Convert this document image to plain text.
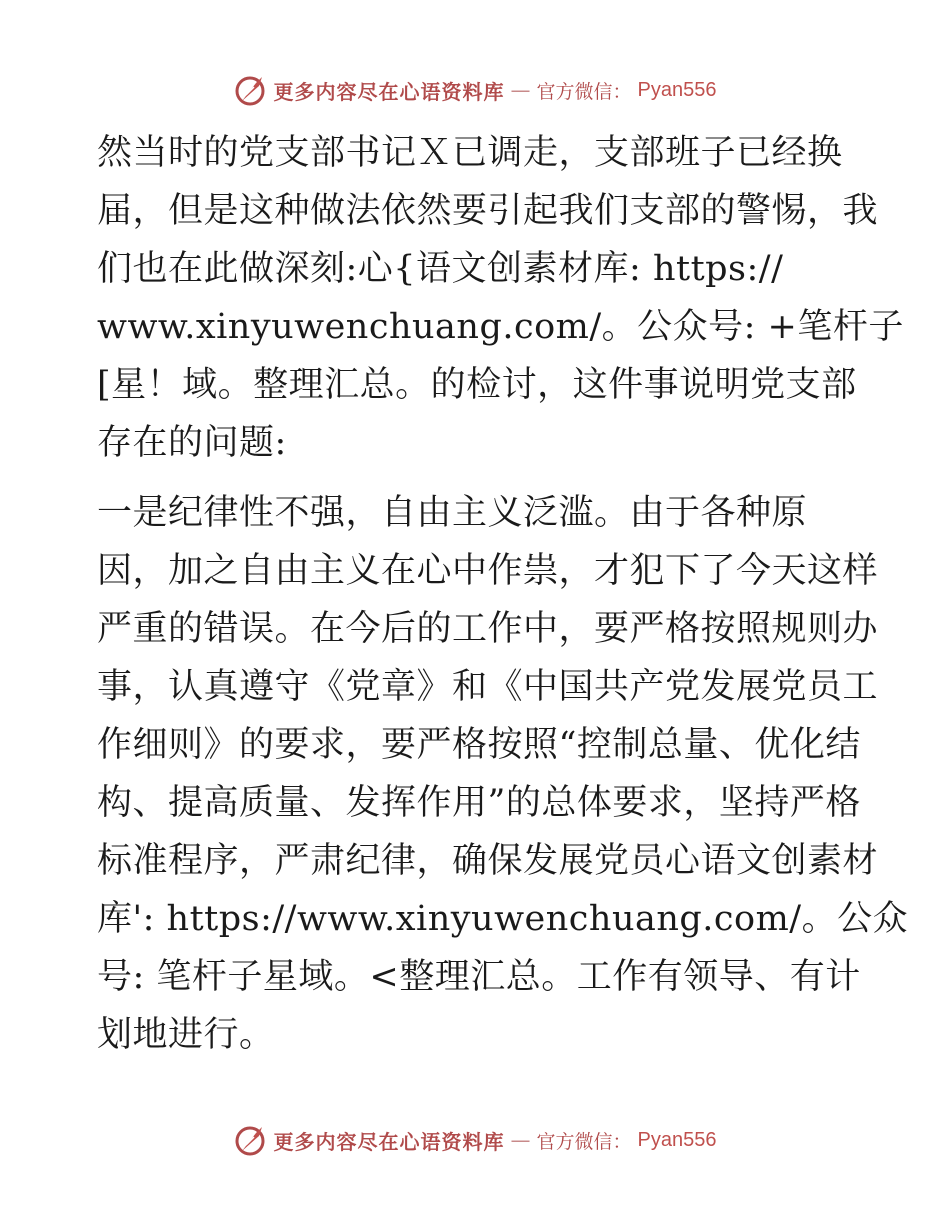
更多内容尽在心语资料库 — 官方微信： Pyan556
然当时的党支部书记Ｘ已调走，支部班子已经换
届，但是这种做法依然要引起我们支部的警惕，我
们也在此做深刻:心{语文创素材库: https://
www.xinyuwenchuang.com/。公众号: +笔杆子
[星！域。整理汇总。的检讨，这件事说明党支部
存在的问题:
一是纪律性不强，自由主义泛滥。由于各种原
因，加之自由主义在心中作祟，才犯下了今天这样
严重的错误。在今后的工作中，要严格按照规则办
事，认真遵守《党章》和《中国共产党发展党员工
作细则》的要求，要严格按照“控制总量、优化结
构、提高质量、发挥作用”的总体要求，坚持严格
标准程序，严肃纪律，确保发展党员心语文创素材
库': https://www.xinyuwenchuang.com/。公众
号: 笔杆子星域。<整理汇总。工作有领导、有计
划地进行。
更多内容尽在心语资料库 — 官方微信： Pyan556
